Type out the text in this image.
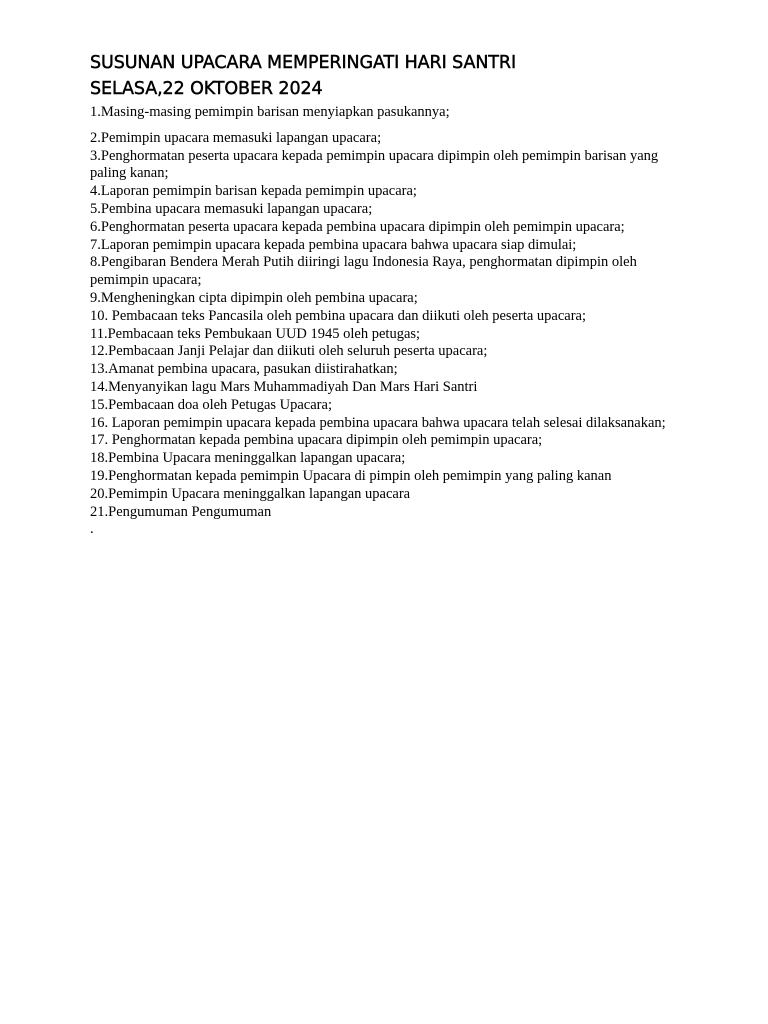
SUSUNAN UPACARA MEMPERINGATI HARI SANTRI
SELASA,22 OKTOBER 2024
1.Masing-masing pemimpin barisan menyiapkan pasukannya;
2.Pemimpin upacara memasuki lapangan upacara;
3.Penghormatan peserta upacara kepada pemimpin upacara dipimpin oleh pemimpin barisan yang paling kanan;
4.Laporan pemimpin barisan kepada pemimpin upacara;
5.Pembina upacara memasuki lapangan upacara;
6.Penghormatan peserta upacara kepada pembina upacara dipimpin oleh pemimpin upacara;
7.Laporan pemimpin upacara kepada pembina upacara bahwa upacara siap dimulai;
8.Pengibaran Bendera Merah Putih diiringi lagu Indonesia Raya, penghormatan dipimpin oleh pemimpin upacara;
9.Mengheningkan cipta dipimpin oleh pembina upacara;
10. Pembacaan teks Pancasila oleh pembina upacara dan diikuti oleh peserta upacara;
11.Pembacaan teks Pembukaan UUD 1945 oleh petugas;
12.Pembacaan Janji Pelajar dan diikuti oleh seluruh peserta upacara;
13.Amanat pembina upacara, pasukan diistirahatkan;
14.Menyanyikan lagu Mars Muhammadiyah Dan Mars Hari Santri
15.Pembacaan doa oleh Petugas Upacara;
16. Laporan pemimpin upacara kepada pembina upacara bahwa upacara telah selesai dilaksanakan;
17. Penghormatan kepada pembina upacara dipimpin oleh pemimpin upacara;
18.Pembina Upacara meninggalkan lapangan upacara;
19.Penghormatan kepada pemimpin Upacara di pimpin oleh pemimpin yang paling kanan
20.Pemimpin Upacara meninggalkan lapangan upacara
21.Pengumuman Pengumuman

.
